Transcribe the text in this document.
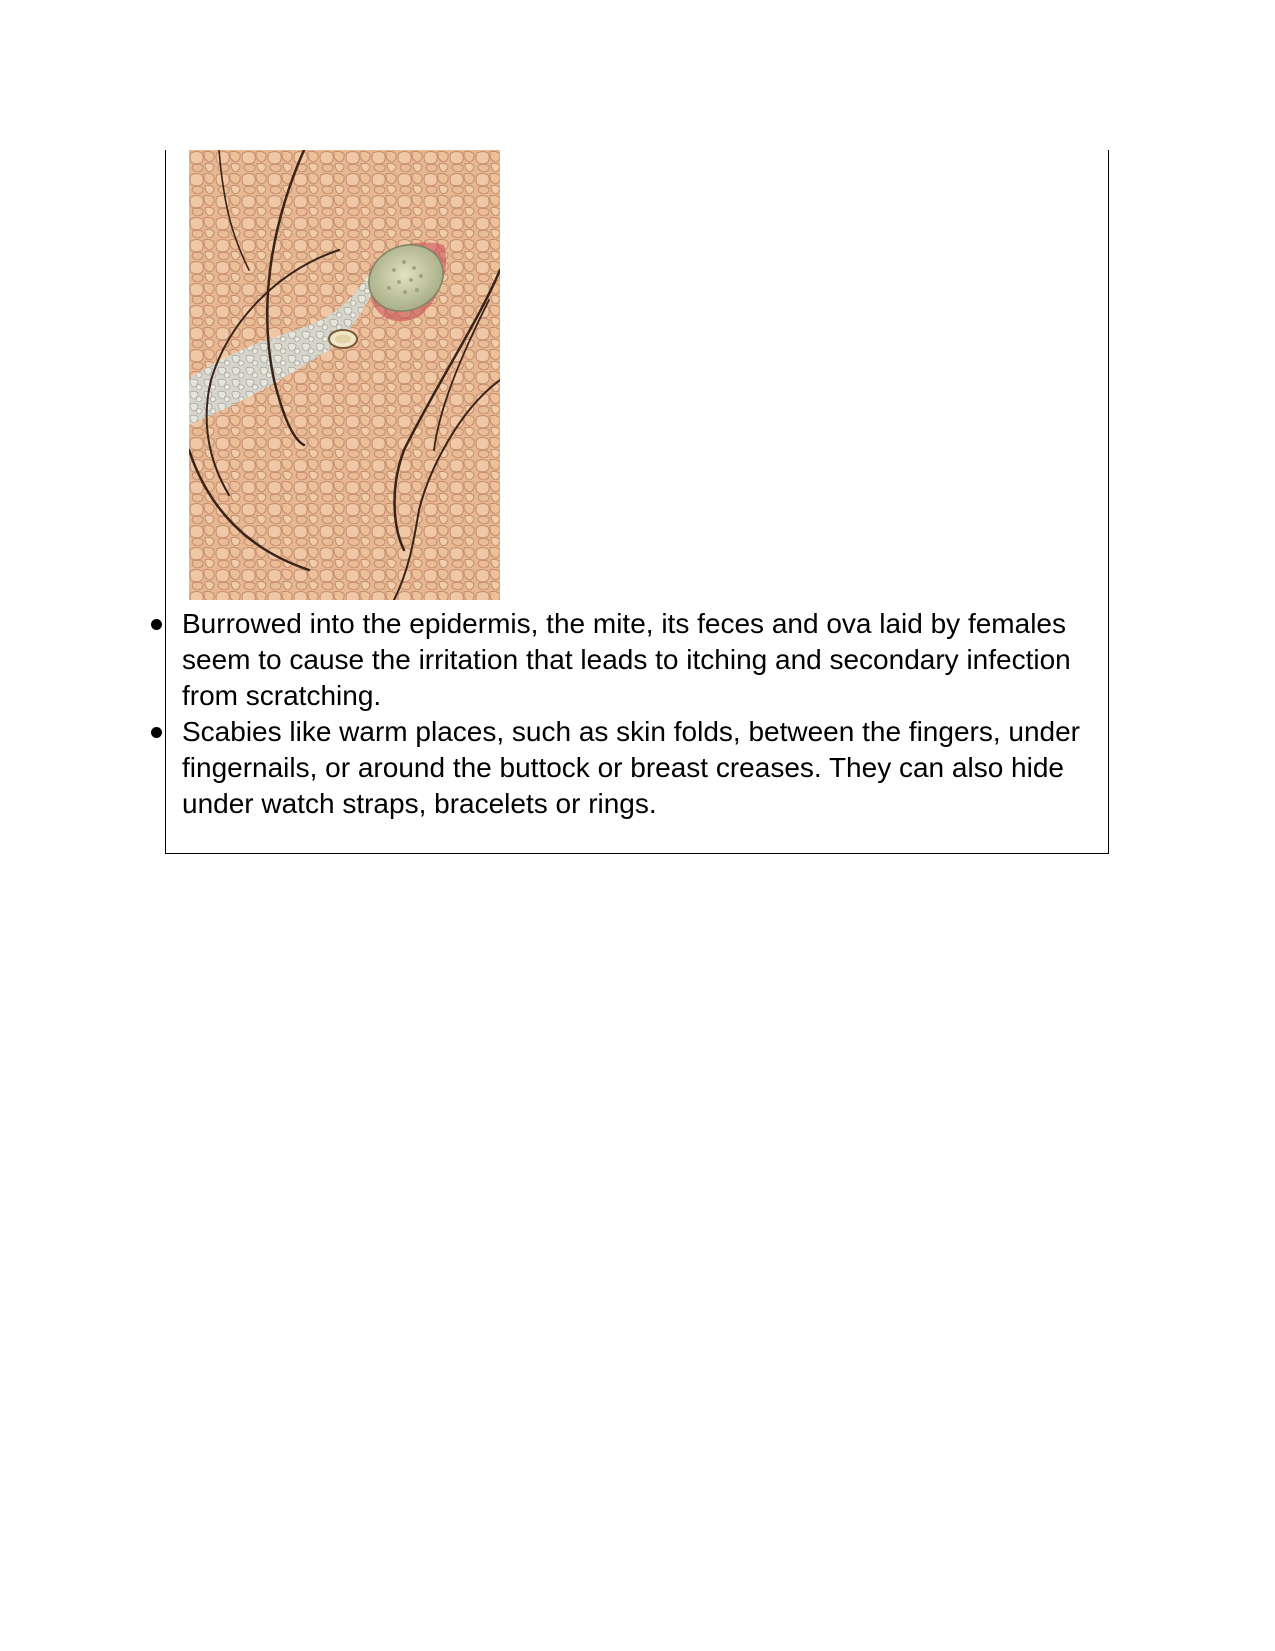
Burrowed into the epidermis, the mite, its feces and ova laid by females seem to cause the irritation that leads to itching and secondary infection from scratching.
Scabies like warm places, such as skin folds, between the fingers, under fingernails, or around the buttock or breast creases. They can also hide under watch straps, bracelets or rings.
